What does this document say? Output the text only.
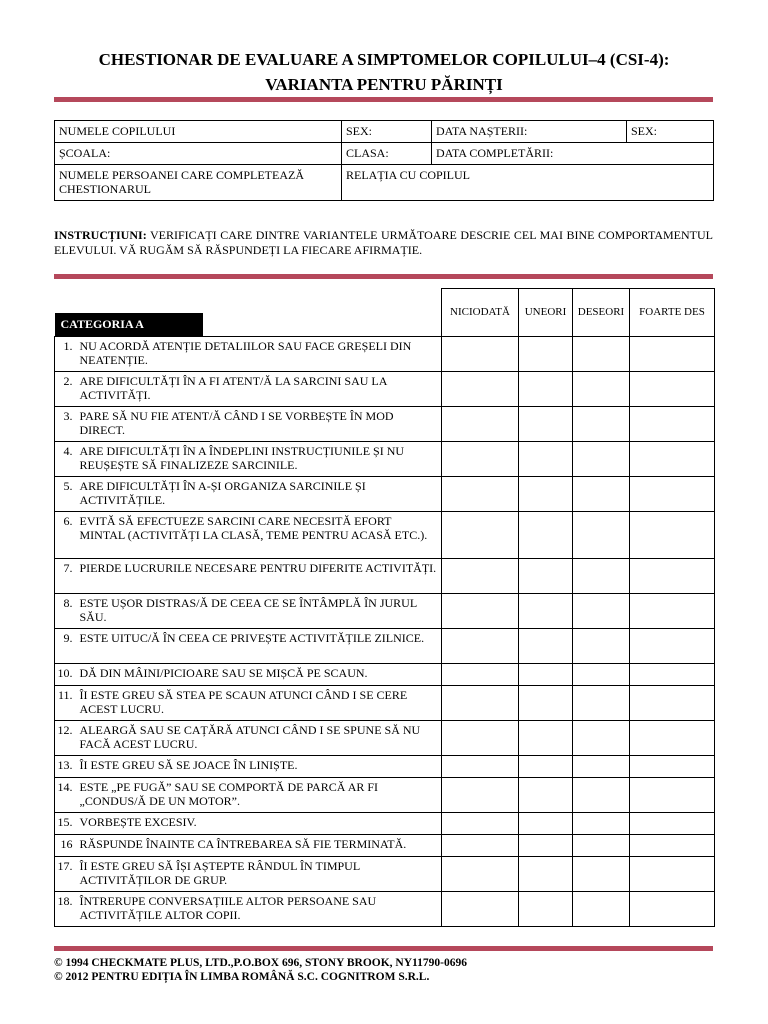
CHESTIONAR DE EVALUARE A SIMPTOMELOR COPILULUI–4 (CSI-4):
VARIANTA PENTRU PĂRINȚI
NUMELE COPILULUI	SEX:	DATA NAȘTERII:	SEX:
ȘCOALA:	CLASA:	DATA COMPLETĂRII:	
NUMELE PERSOANEI CARE COMPLETEAZĂ CHESTIONARUL	RELAȚIA CU COPILUL		
INSTRUCȚIUNI: VERIFICAȚI CARE DINTRE VARIANTELE URMĂTOARE DESCRIE CEL MAI BINE COMPORTAMENTUL ELEVULUI. VĂ RUGĂM SĂ RĂSPUNDEȚI LA FIECARE AFIRMAȚIE.
CATEGORIA A		NICIODATĂ	UNEORI	DESEORI	FOARTE DES
1.	NU ACORDĂ ATENȚIE DETALIILOR SAU FACE GREȘELI DIN NEATENȚIE.	

2.	ARE DIFICULTĂȚI ÎN A FI ATENT/Ă LA SARCINI SAU LA ACTIVITĂȚI.	

3.	PARE SĂ NU FIE ATENT/Ă CÂND I SE VORBEȘTE ÎN MOD DIRECT.	

4.	ARE DIFICULTĂȚI ÎN A ÎNDEPLINI INSTRUCȚIUNILE ȘI NU REUȘEȘTE SĂ FINALIZEZE SARCINILE.	

5.	ARE DIFICULTĂȚI ÎN A-ȘI ORGANIZA SARCINILE ȘI ACTIVITĂȚILE.	

6.	EVITĂ SĂ EFECTUEZE SARCINI CARE NECESITĂ EFORT MINTAL (ACTIVITĂȚI LA CLASĂ, TEME PENTRU ACASĂ ETC.).	

7.	PIERDE LUCRURILE NECESARE PENTRU DIFERITE ACTIVITĂȚI.	

8.	ESTE UȘOR DISTRAS/Ă DE CEEA CE SE ÎNTÂMPLĂ ÎN JURUL SĂU.	

9.	ESTE UITUC/Ă ÎN CEEA CE PRIVEȘTE ACTIVITĂȚILE ZILNICE.	

10.	DĂ DIN MÂINI/PICIOARE SAU SE MIȘCĂ PE SCAUN.	

11.	ÎI ESTE GREU SĂ STEA PE SCAUN ATUNCI CÂND I SE CERE ACEST LUCRU.	

12.	ALEARGĂ SAU SE CAȚĂRĂ ATUNCI CÂND I SE SPUNE SĂ NU FACĂ ACEST LUCRU.	

13.	ÎI ESTE GREU SĂ SE JOACE ÎN LINIȘTE.	

14.	ESTE „PE FUGĂ” SAU SE COMPORTĂ DE PARCĂ AR FI „CONDUS/Ă DE UN MOTOR”.	

15.	VORBEȘTE EXCESIV.	

16	RĂSPUNDE ÎNAINTE CA ÎNTREBAREA SĂ FIE TERMINATĂ.	

17.	ÎI ESTE GREU SĂ ÎȘI AȘTEPTE RÂNDUL ÎN TIMPUL ACTIVITĂȚILOR DE GRUP.	

18.	ÎNTRERUPE CONVERSAȚIILE ALTOR PERSOANE SAU ACTIVITĂȚILE ALTOR COPII.	

© 1994 CHECKMATE PLUS, LTD.,P.O.BOX 696, STONY BROOK, NY11790-0696
© 2012 PENTRU EDIȚIA ÎN LIMBA ROMÂNĂ S.C. COGNITROM S.R.L.
